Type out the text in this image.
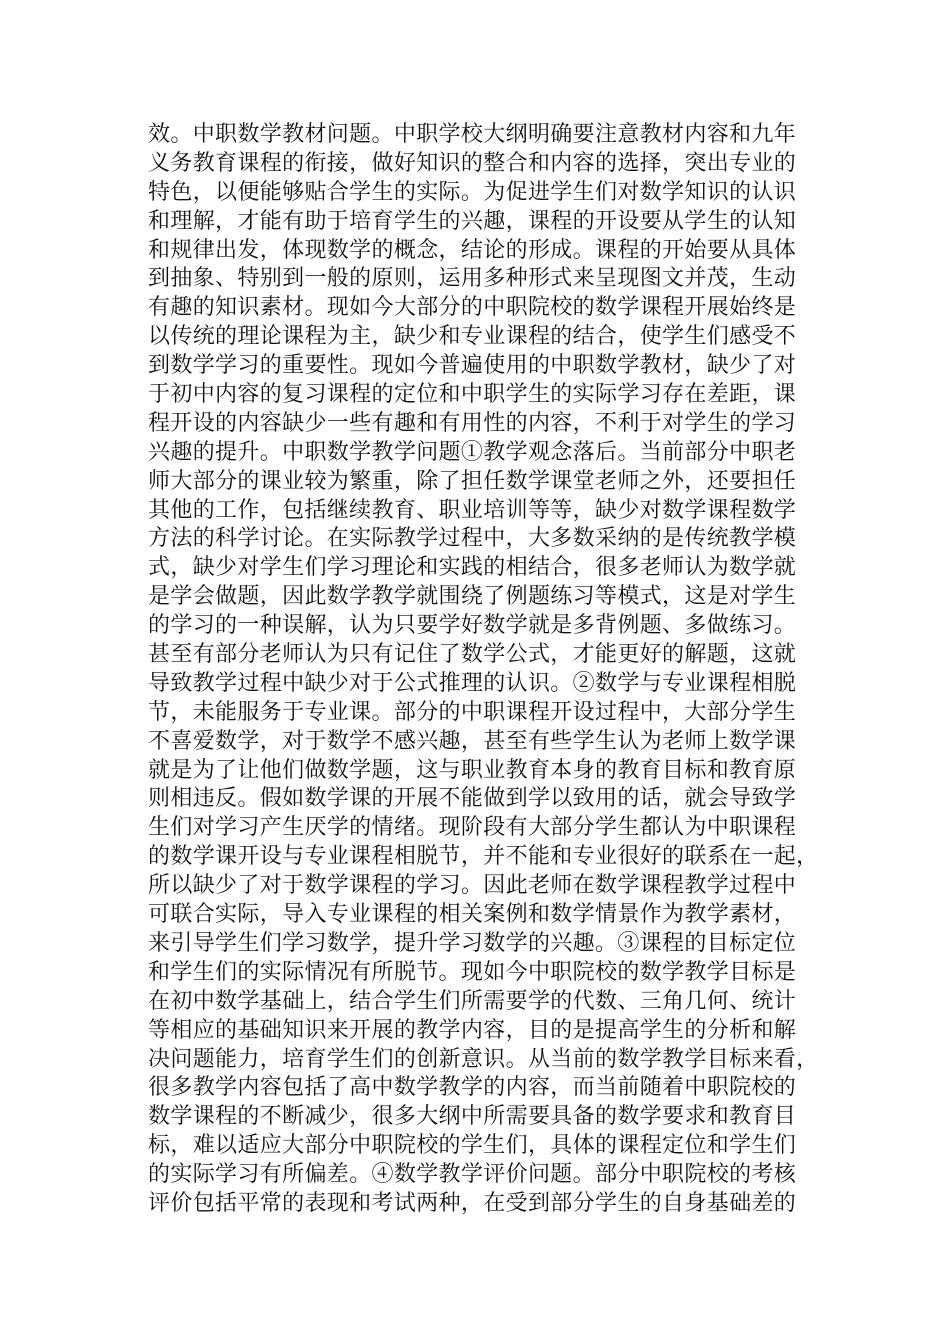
效。中职数学教材问题。中职学校大纲明确要注意教材内容和九年
义务教育课程的衔接，做好知识的整合和内容的选择，突出专业的
特色，以便能够贴合学生的实际。为促进学生们对数学知识的认识
和理解，才能有助于培育学生的兴趣，课程的开设要从学生的认知
和规律出发，体现数学的概念，结论的形成。课程的开始要从具体
到抽象、特别到一般的原则，运用多种形式来呈现图文并茂，生动
有趣的知识素材。现如今大部分的中职院校的数学课程开展始终是
以传统的理论课程为主，缺少和专业课程的结合，使学生们感受不
到数学学习的重要性。现如今普遍使用的中职数学教材，缺少了对
于初中内容的复习课程的定位和中职学生的实际学习存在差距，课
程开设的内容缺少一些有趣和有用性的内容，不利于对学生的学习
兴趣的提升。中职数学教学问题①教学观念落后。当前部分中职老
师大部分的课业较为繁重，除了担任数学课堂老师之外，还要担任
其他的工作，包括继续教育、职业培训等等，缺少对数学课程数学
方法的科学讨论。在实际教学过程中，大多数采纳的是传统教学模
式，缺少对学生们学习理论和实践的相结合，很多老师认为数学就
是学会做题，因此数学教学就围绕了例题练习等模式，这是对学生
的学习的一种误解，认为只要学好数学就是多背例题、多做练习。
甚至有部分老师认为只有记住了数学公式，才能更好的解题，这就
导致教学过程中缺少对于公式推理的认识。②数学与专业课程相脱
节，未能服务于专业课。部分的中职课程开设过程中，大部分学生
不喜爱数学，对于数学不感兴趣，甚至有些学生认为老师上数学课
就是为了让他们做数学题，这与职业教育本身的教育目标和教育原
则相违反。假如数学课的开展不能做到学以致用的话，就会导致学
生们对学习产生厌学的情绪。现阶段有大部分学生都认为中职课程
的数学课开设与专业课程相脱节，并不能和专业很好的联系在一起，
所以缺少了对于数学课程的学习。因此老师在数学课程教学过程中
可联合实际，导入专业课程的相关案例和数学情景作为教学素材，
来引导学生们学习数学，提升学习数学的兴趣。③课程的目标定位
和学生们的实际情况有所脱节。现如今中职院校的数学教学目标是
在初中数学基础上，结合学生们所需要学的代数、三角几何、统计
等相应的基础知识来开展的教学内容，目的是提高学生的分析和解
决问题能力，培育学生们的创新意识。从当前的数学教学目标来看，
很多教学内容包括了高中数学教学的内容，而当前随着中职院校的
数学课程的不断减少，很多大纲中所需要具备的数学要求和教育目
标，难以适应大部分中职院校的学生们，具体的课程定位和学生们
的实际学习有所偏差。④数学教学评价问题。部分中职院校的考核
评价包括平常的表现和考试两种，在受到部分学生的自身基础差的
